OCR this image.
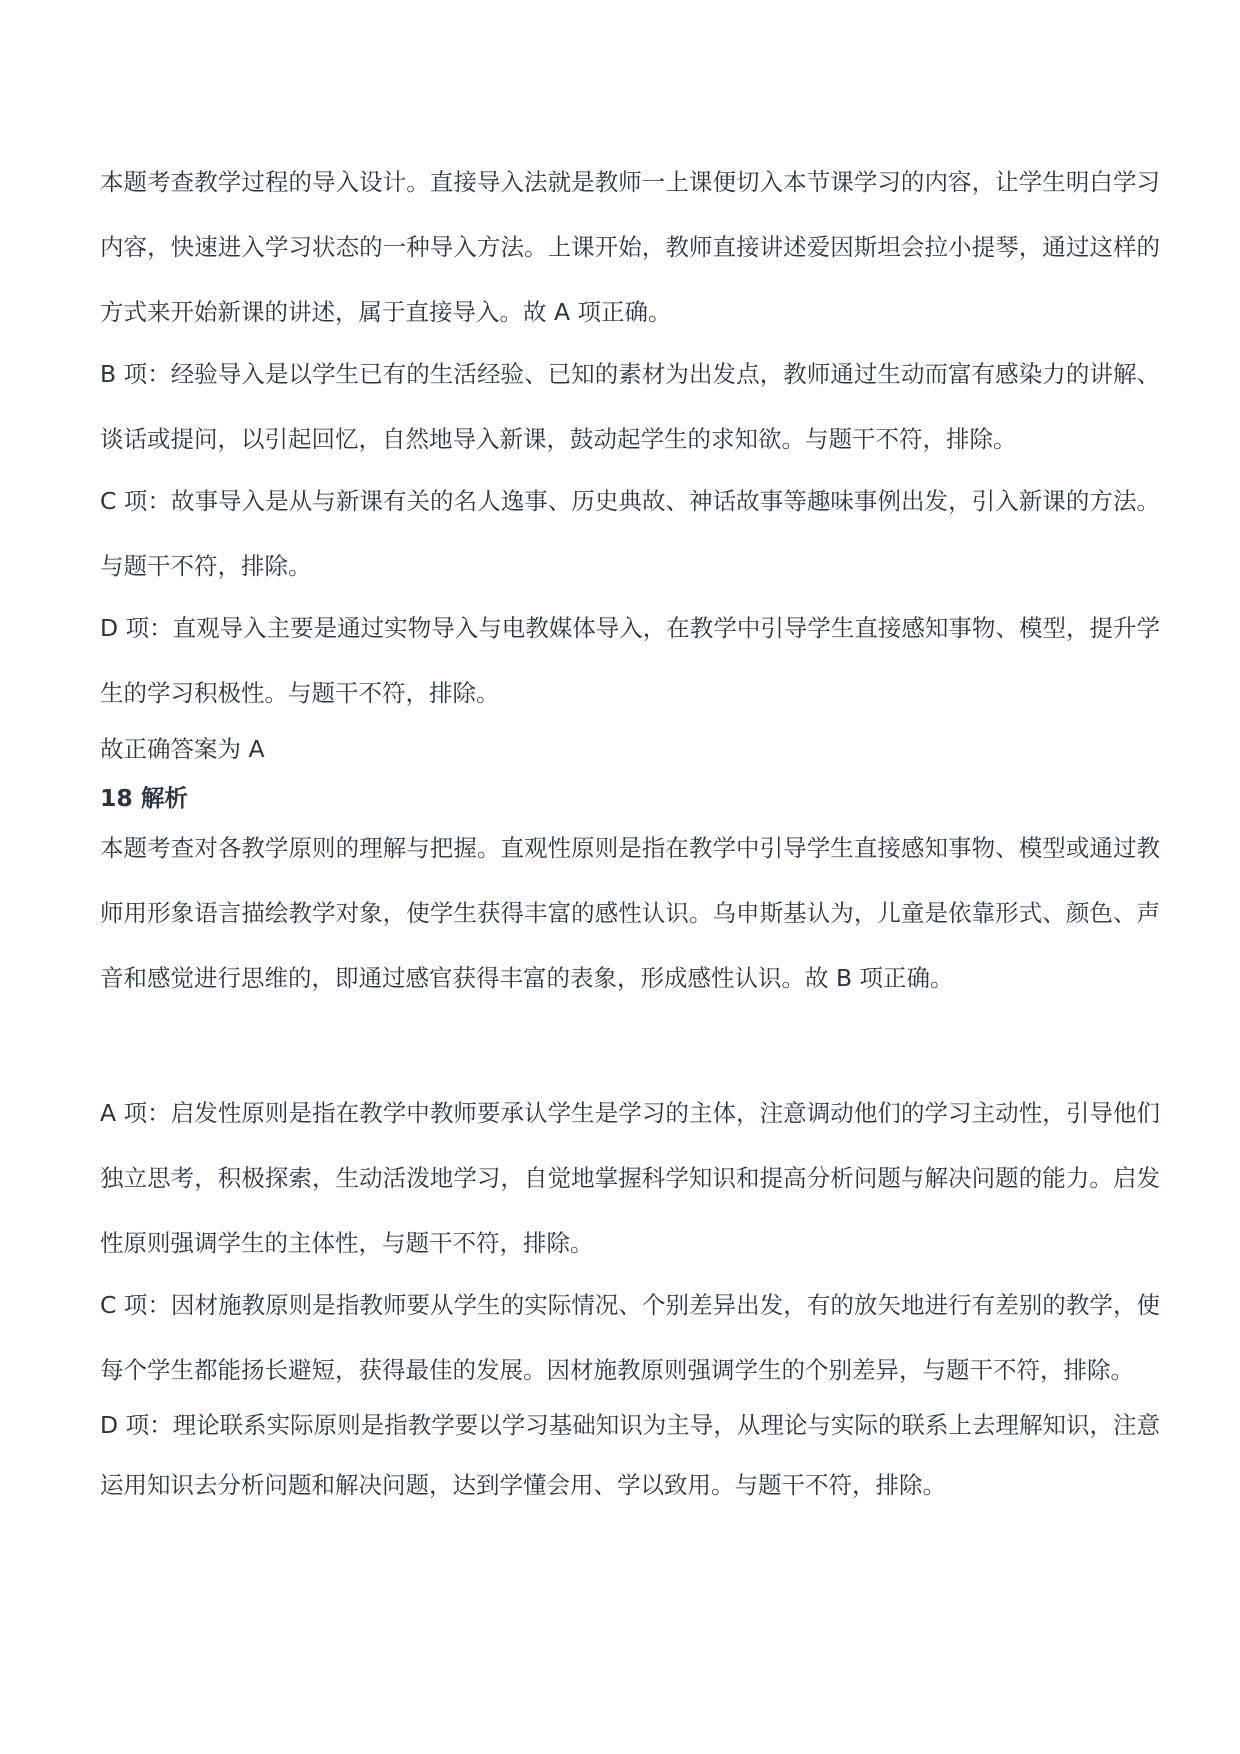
本题考查教学过程的导入设计。直接导入法就是教师一上课便切入本节课学习的内容，让学生明白学习内容，快速进入学习状态的一种导入方法。上课开始，教师直接讲述爱因斯坦会拉小提琴，通过这样的方式来开始新课的讲述，属于直接导入。故 A 项正确。

B 项：经验导入是以学生已有的生活经验、已知的素材为出发点，教师通过生动而富有感染力的讲解、谈话或提问，以引起回忆，自然地导入新课，鼓动起学生的求知欲。与题干不符，排除。

C 项：故事导入是从与新课有关的名人逸事、历史典故、神话故事等趣味事例出发，引入新课的方法。与题干不符，排除。

D 项：直观导入主要是通过实物导入与电教媒体导入，在教学中引导学生直接感知事物、模型，提升学生的学习积极性。与题干不符，排除。

故正确答案为 A

18 解析

本题考查对各教学原则的理解与把握。直观性原则是指在教学中引导学生直接感知事物、模型或通过教师用形象语言描绘教学对象，使学生获得丰富的感性认识。乌申斯基认为，儿童是依靠形式、颜色、声音和感觉进行思维的，即通过感官获得丰富的表象，形成感性认识。故 B 项正确。

A 项：启发性原则是指在教学中教师要承认学生是学习的主体，注意调动他们的学习主动性，引导他们独立思考，积极探索，生动活泼地学习，自觉地掌握科学知识和提高分析问题与解决问题的能力。启发性原则强调学生的主体性，与题干不符，排除。

C 项：因材施教原则是指教师要从学生的实际情况、个别差异出发，有的放矢地进行有差别的教学，使每个学生都能扬长避短，获得最佳的发展。因材施教原则强调学生的个别差异，与题干不符，排除。

D 项：理论联系实际原则是指教学要以学习基础知识为主导，从理论与实际的联系上去理解知识，注意运用知识去分析问题和解决问题，达到学懂会用、学以致用。与题干不符，排除。
